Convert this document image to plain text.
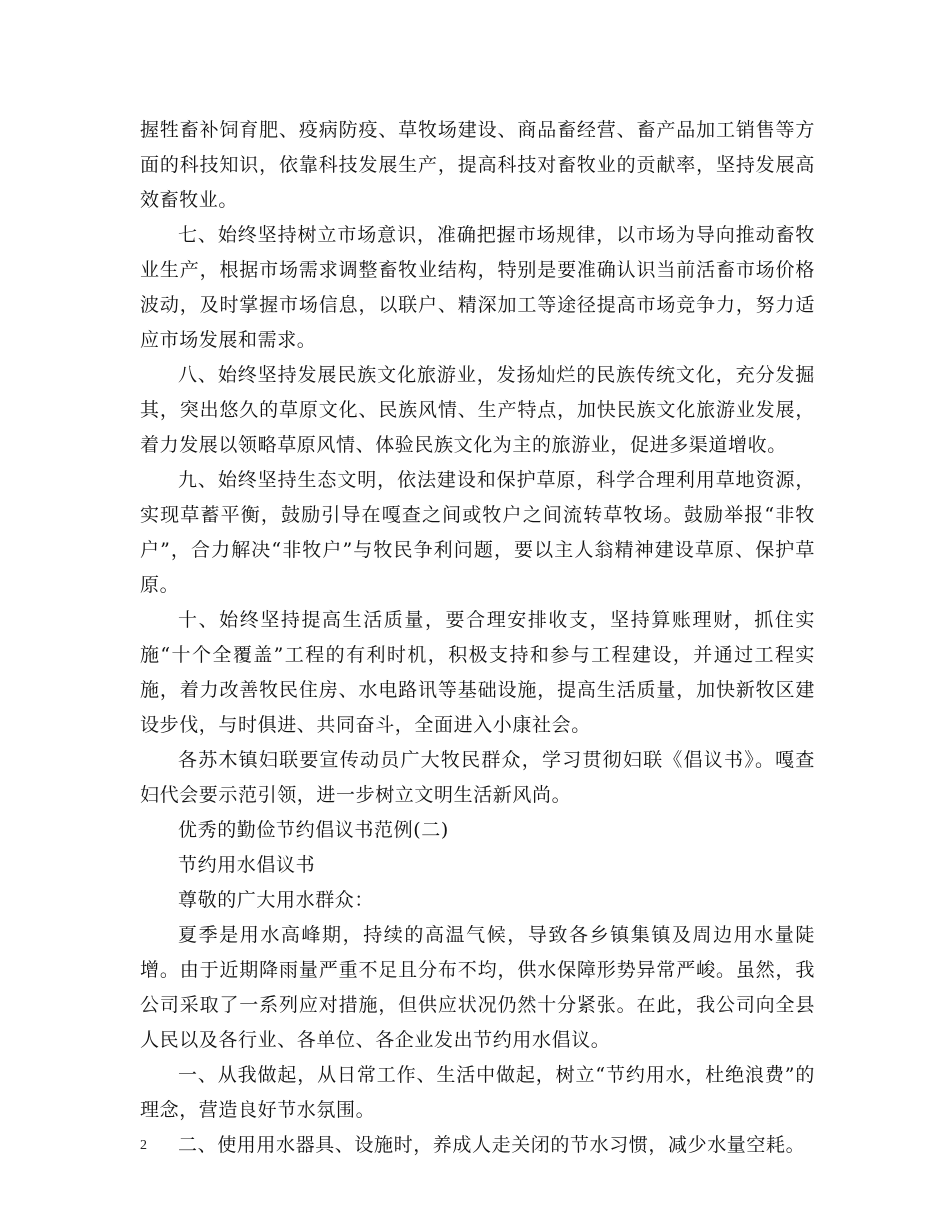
握牲畜补饲育肥、疫病防疫、草牧场建设、商品畜经营、畜产品加工销售等方面的科技知识，依靠科技发展生产，提高科技对畜牧业的贡献率，坚持发展高效畜牧业。

七、始终坚持树立市场意识，准确把握市场规律，以市场为导向推动畜牧业生产，根据市场需求调整畜牧业结构，特别是要准确认识当前活畜市场价格波动，及时掌握市场信息，以联户、精深加工等途径提高市场竞争力，努力适应市场发展和需求。

八、始终坚持发展民族文化旅游业，发扬灿烂的民族传统文化，充分发掘其，突出悠久的草原文化、民族风情、生产特点，加快民族文化旅游业发展，着力发展以领略草原风情、体验民族文化为主的旅游业，促进多渠道增收。

九、始终坚持生态文明，依法建设和保护草原，科学合理利用草地资源，实现草蓄平衡，鼓励引导在嘎查之间或牧户之间流转草牧场。鼓励举报“非牧户”，合力解决“非牧户”与牧民争利问题，要以主人翁精神建设草原、保护草原。

十、始终坚持提高生活质量，要合理安排收支，坚持算账理财，抓住实施“十个全覆盖”工程的有利时机，积极支持和参与工程建设，并通过工程实施，着力改善牧民住房、水电路讯等基础设施，提高生活质量，加快新牧区建设步伐，与时俱进、共同奋斗，全面进入小康社会。

各苏木镇妇联要宣传动员广大牧民群众，学习贯彻妇联《倡议书》。嘎查妇代会要示范引领，进一步树立文明生活新风尚。

优秀的勤俭节约倡议书范例(二)

节约用水倡议书

尊敬的广大用水群众：

夏季是用水高峰期，持续的高温气候，导致各乡镇集镇及周边用水量陡增。由于近期降雨量严重不足且分布不均，供水保障形势异常严峻。虽然，我公司采取了一系列应对措施，但供应状况仍然十分紧张。在此，我公司向全县人民以及各行业、各单位、各企业发出节约用水倡议。

一、从我做起，从日常工作、生活中做起，树立“节约用水，杜绝浪费”的理念，营造良好节水氛围。

二、使用用水器具、设施时，养成人走关闭的节水习惯，减少水量空耗。

2
